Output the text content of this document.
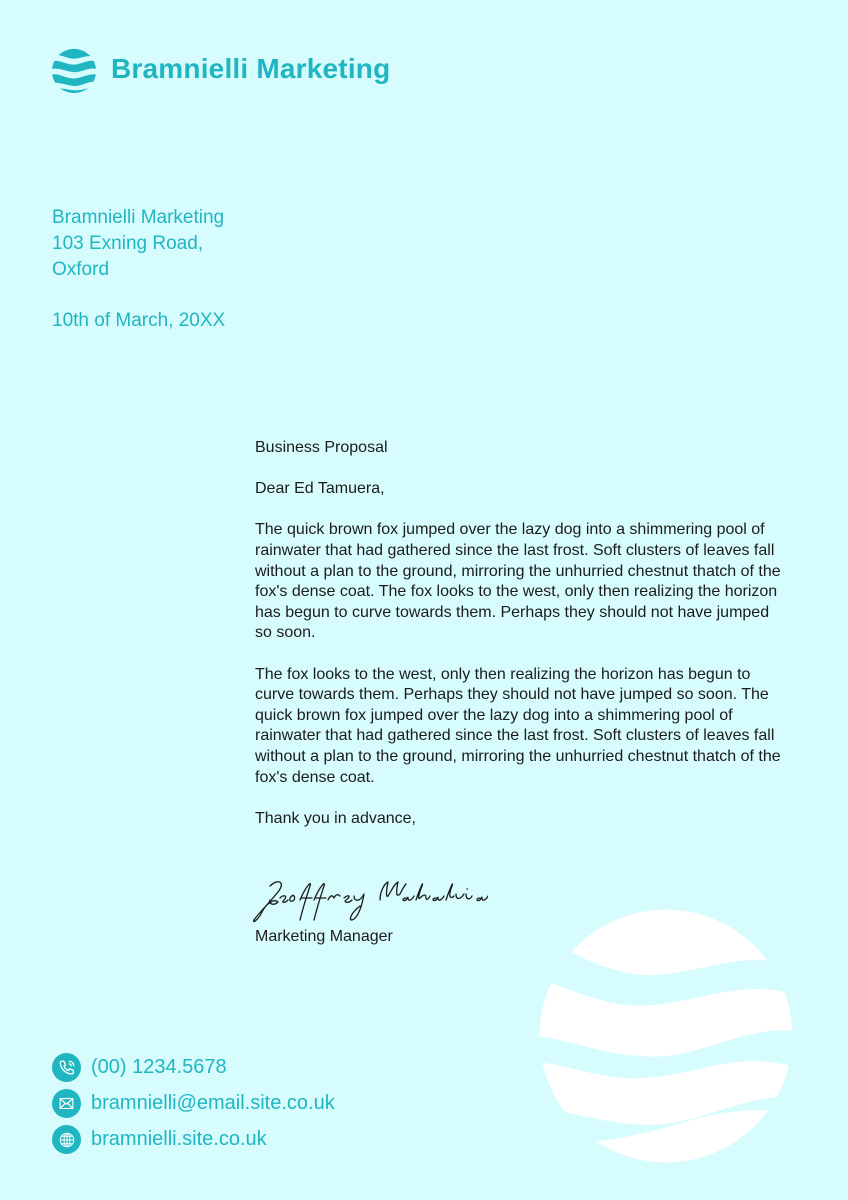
Bramnielli Marketing
Bramnielli Marketing
103 Exning Road,
Oxford
10th of March, 20XX

Business Proposal

Dear Ed Tamuera,

The quick brown fox jumped over the lazy dog into a shimmering pool of rainwater that had gathered since the last frost. Soft clusters of leaves fall without a plan to the ground, mirroring the unhurried chestnut thatch of the fox's dense coat. The fox looks to the west, only then realizing the horizon has begun to curve towards them. Perhaps they should not have jumped so soon.

The fox looks to the west, only then realizing the horizon has begun to curve towards them. Perhaps they should not have jumped so soon. The quick brown fox jumped over the lazy dog into a shimmering pool of rainwater that had gathered since the last frost. Soft clusters of leaves fall without a plan to the ground, mirroring the unhurried chestnut thatch of the fox's dense coat.

Thank you in advance,

Marketing Manager
(00) 1234.5678
bramnielli@email.site.co.uk
bramnielli.site.co.uk
